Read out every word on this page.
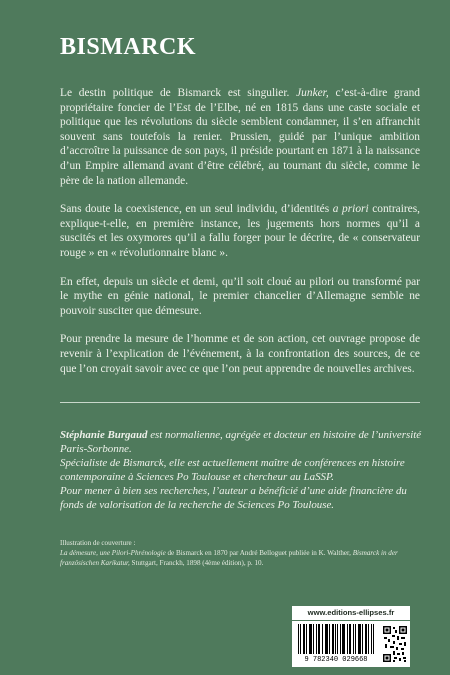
BISMARCK

Le destin politique de Bismarck est singulier. Junker, c’est-à-dire grand propriétaire foncier de l’Est de l’Elbe, né en 1815 dans une caste sociale et politique que les révolutions du siècle semblent condamner, il s’en affranchit souvent sans toutefois la renier. Prussien, guidé par l’unique ambition d’accroître la puissance de son pays, il préside pourtant en 1871 à la naissance d’un Empire allemand avant d’être célébré, au tournant du siècle, comme le père de la nation allemande.

Sans doute la coexistence, en un seul individu, d’identités a priori contraires, explique-t-elle, en première instance, les jugements hors normes qu’il a suscités et les oxymores qu’il a fallu forger pour le décrire, de « conservateur rouge » en « révolutionnaire blanc ».

En effet, depuis un siècle et demi, qu’il soit cloué au pilori ou transformé par le mythe en génie national, le premier chancelier d’Allemagne semble ne pouvoir susciter que démesure.

Pour prendre la mesure de l’homme et de son action, cet ouvrage propose de revenir à l’explication de l’événement, à la confrontation des sources, de ce que l’on croyait savoir avec ce que l’on peut apprendre de nouvelles archives.

Stéphanie Burgaud est normalienne, agrégée et docteur en histoire de l’université Paris-Sorbonne.

Spécialiste de Bismarck, elle est actuellement maître de conférences en histoire contemporaine à Sciences Po Toulouse et chercheur au LaSSP.

Pour mener à bien ses recherches, l’auteur a bénéficié d’une aide financière du fonds de valorisation de la recherche de Sciences Po Toulouse.

Illustration de couverture :
La démesure, une Pilori-Phrénologie de Bismarck en 1870 par André Belloguet publiée in K. Walther, Bismarck in der französischen Karikatur, Stuttgart, Franckh, 1898 (4ème édition), p. 10.
www.editions-ellipses.fr
9 782340 029668
